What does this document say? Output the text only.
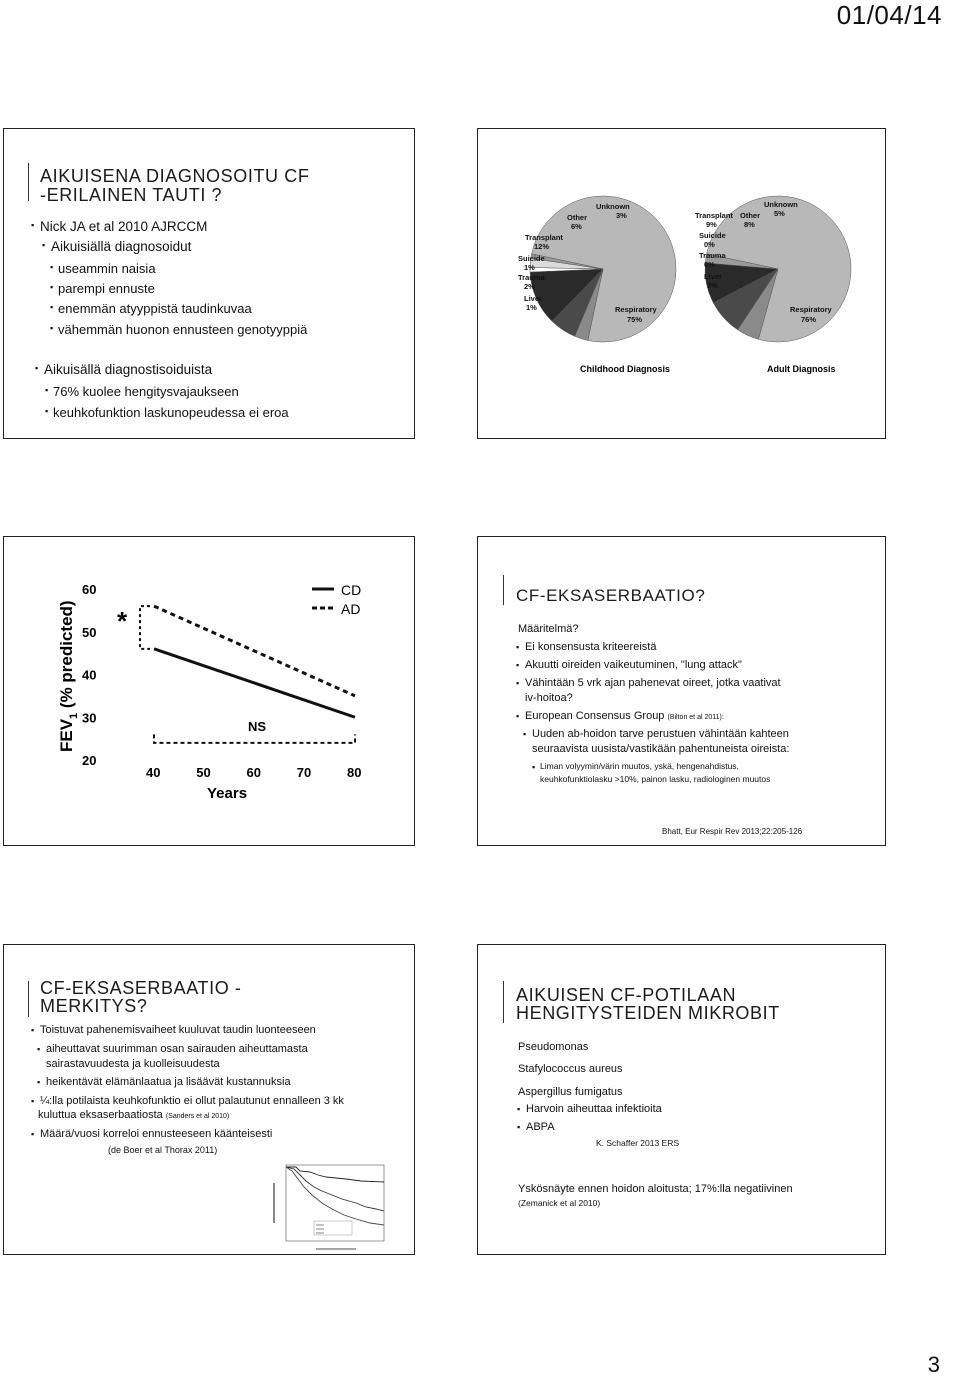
01/04/14
AIKUISENA DIAGNOSOITU CF
-ERILAINEN TAUTI ?
▪ Nick JA et al 2010 AJRCCM
▪ Aikuisiällä diagnosoidut
▪ useammin naisia
▪ parempi ennuste
▪ enemmän atyyppistä taudinkuvaa
▪ vähemmän huonon ennusteen genotyyppiä
▪ Aikuisällä diagnostisoiduista
▪ 76% kuolee hengitysvajaukseen
▪ keuhkofunktion laskunopeudessa ei eroa
Unknown
3%
Other
6%
Transplant
12%
Suicide
1%
Trauma
2%
Liver
1%	Respiratory
75%
Transplant
9%
Other
8%
Unknown
5%
Suicide
0%
Trauma
0%
Liver
2%
Respiratory
76%
Childhood Diagnosis	Adult Diagnosis
$FEV_1$ (% predicted)
Years
*
NS
CD
AD
20
30
40
50
60
40	50	60	70	80
CF-EKSASERBAATIO?
Määritelmä?
▪ Ei konsensusta kriteereistä
▪ Akuutti oireiden vaikeutuminen, "lung attack"
▪ Vähintään 5 vrk ajan pahenevat oireet, jotka vaativat
iv-hoitoa?
▪ European Consensus Group (Bilton et al 2011):
▪ Uuden ab-hoidon tarve perustuen vähintään kahteen
seuraavista uusista/vastikään pahentuneista oireista:
▪ Liman volyymin/värin muutos, yskä, hengenahdistus,
keuhkofunktiolasku >10%, painon lasku, radiologinen muutos
Bhatt, Eur Respir Rev 2013;22:205-126
CF-EKSASERBAATIO -
MERKITYS?
▪ Toistuvat pahenemisvaiheet kuuluvat taudin luonteeseen
▪ aiheuttavat suurimman osan sairauden aiheuttamasta
sairastavuudesta ja kuolleisuudesta
▪ heikentävät elämänlaatua ja lisäävät kustannuksia
▪ ¼:lla potilaista keuhkofunktio ei ollut palautunut ennalleen 3 kk
kuluttua eksaserbaatiosta (Sanders et al 2010)
▪ Määrä/vuosi korreloi ennusteeseen käänteisesti
(de Boer et al Thorax 2011)
AIKUISEN CF-POTILAAN
HENGITYSTEIDEN MIKROBIT
Pseudomonas
Stafylococcus aureus
Aspergillus fumigatus
▪ Harvoin aiheuttaa infektioita
▪ ABPA
K. Schaffer 2013 ERS
Yskösnäyte ennen hoidon aloitusta; 17%:lla negatiivinen
(Zemanick et al 2010)
3
